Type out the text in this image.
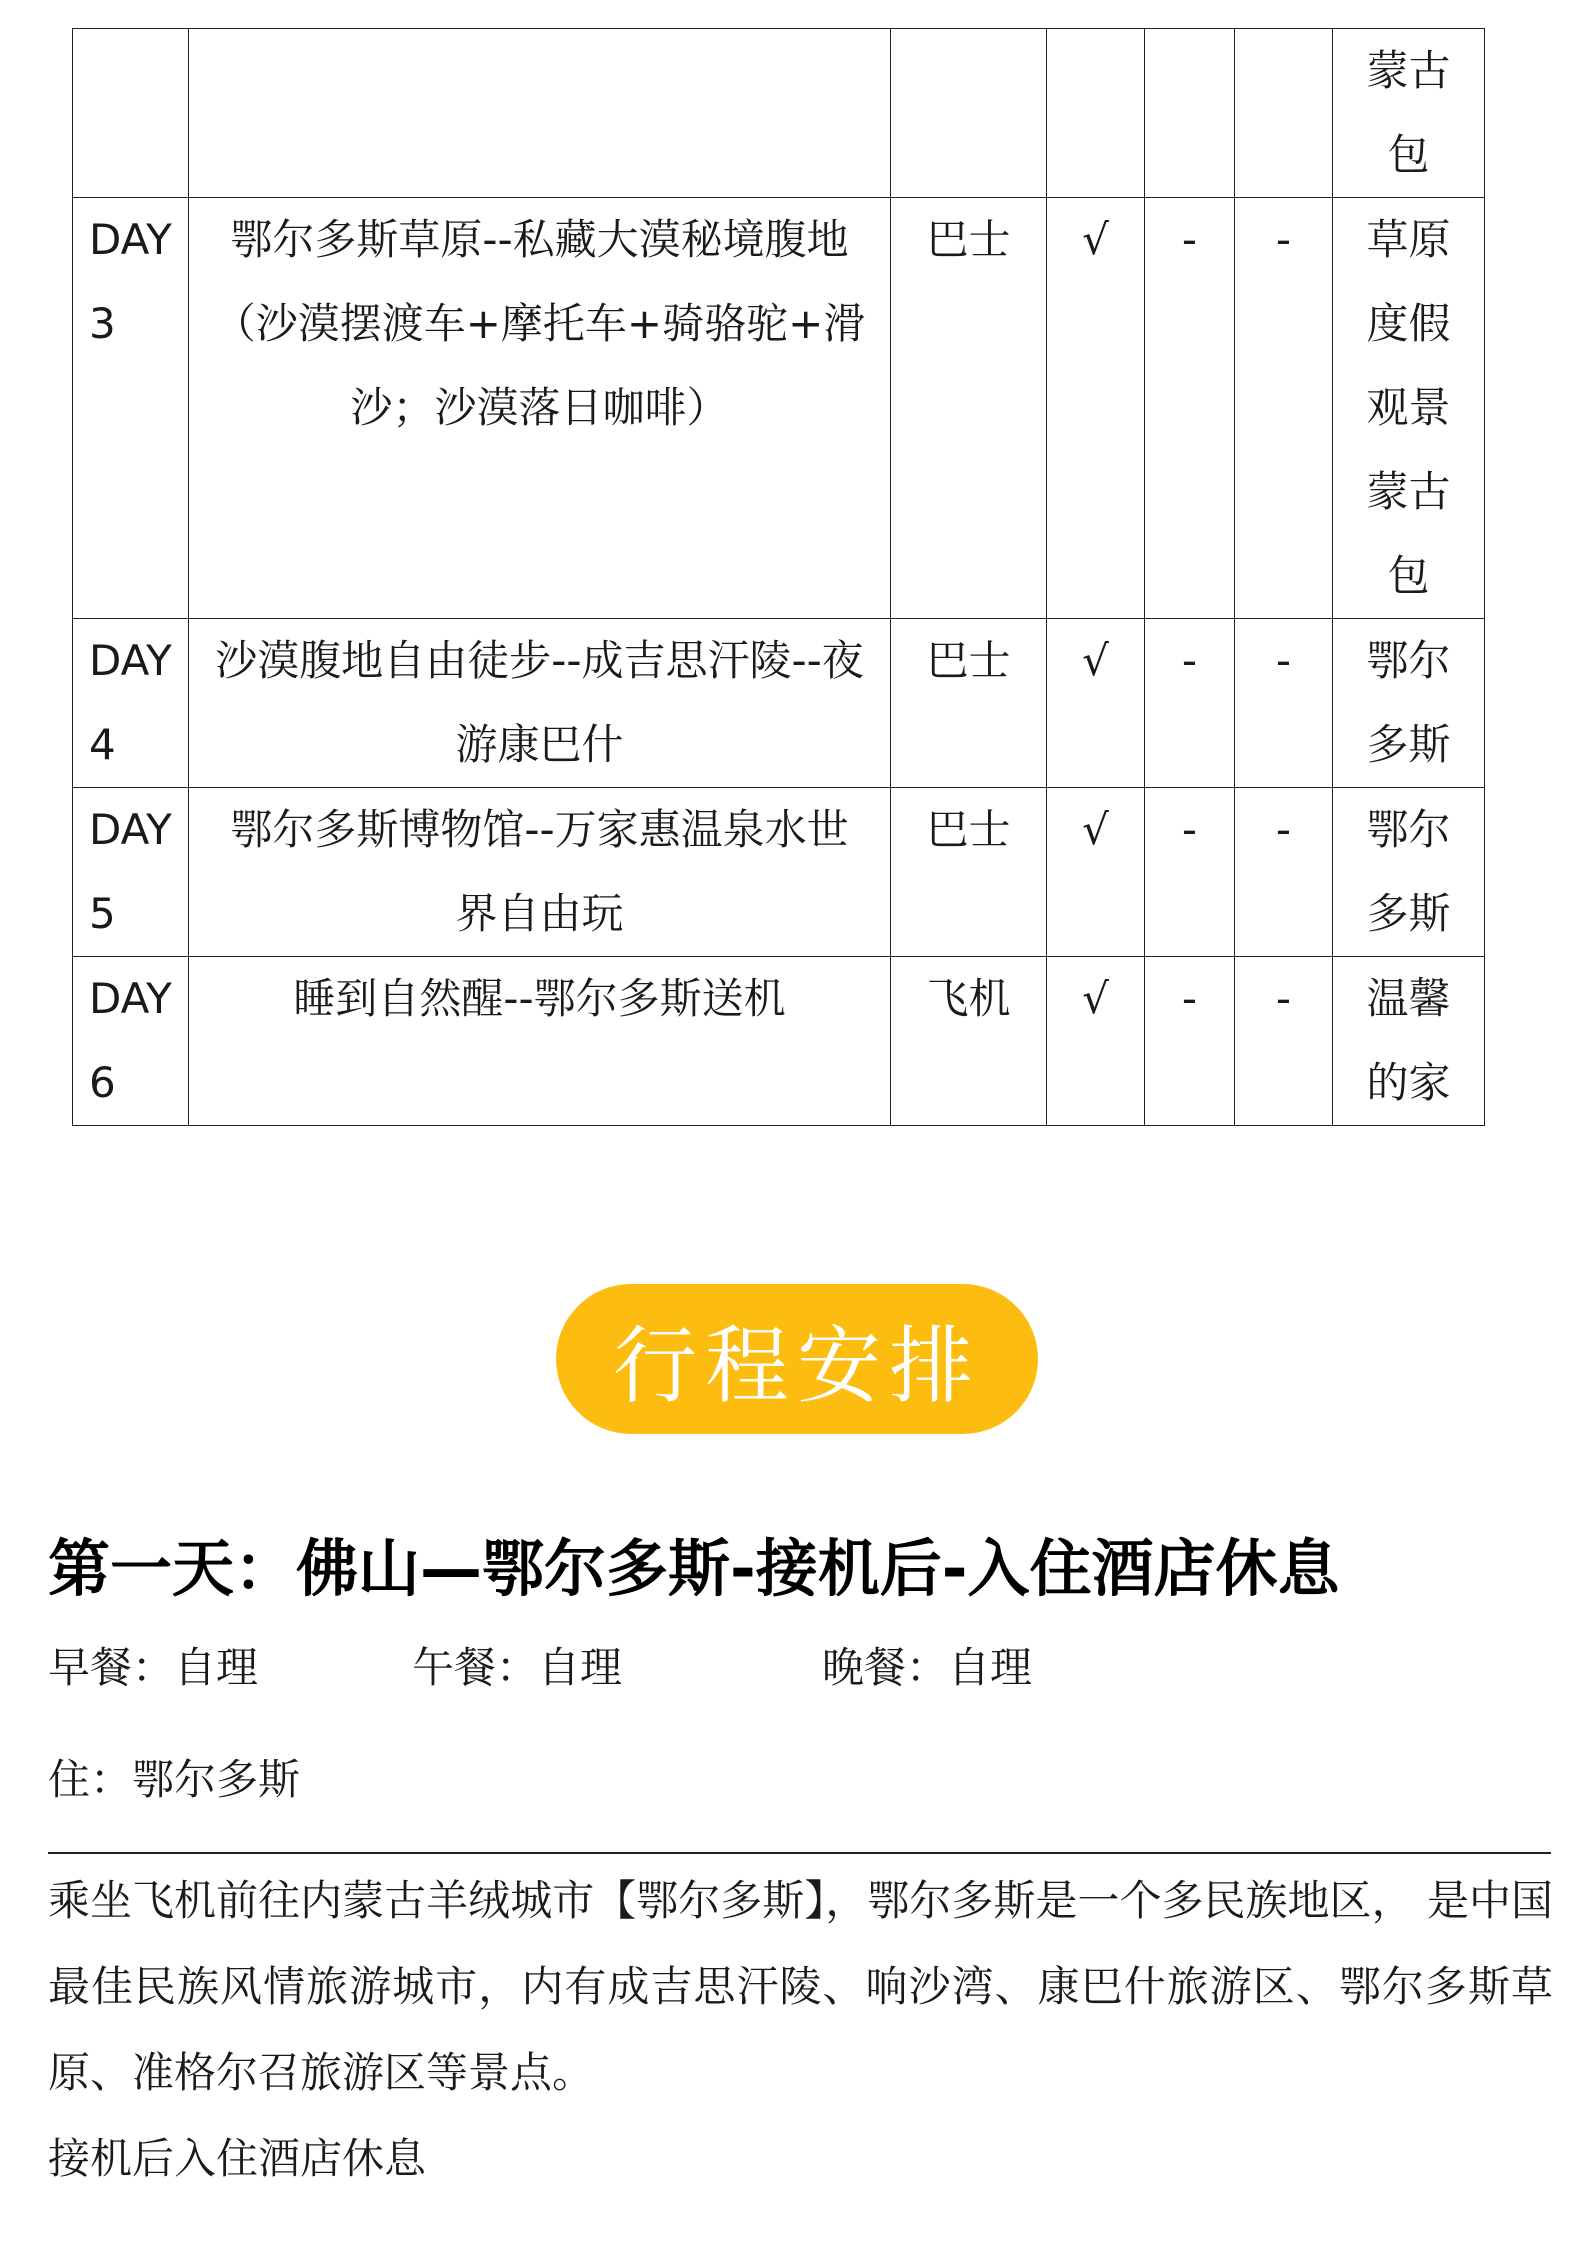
						蒙古包

DAY3	鄂尔多斯草原--私藏大漠秘境腹地（沙漠摆渡车+摩托车+骑骆驼+滑沙；沙漠落日咖啡）	巴士	√	-	-	草原度假观景蒙古包

DAY4	沙漠腹地自由徒步--成吉思汗陵--夜游康巴什	巴士	√	-	-	鄂尔多斯

DAY5	鄂尔多斯博物馆--万家惠温泉水世界自由玩	巴士	√	-	-	鄂尔多斯

DAY6	睡到自然醒--鄂尔多斯送机	飞机	√	-	-	温馨的家
行程安排
第一天：佛山—鄂尔多斯-接机后-入住酒店休息
早餐：自理	午餐：自理	晚餐：自理
住：鄂尔多斯

乘坐飞机前往内蒙古羊绒城市【鄂尔多斯】，鄂尔多斯是一个多民族地区， 是中国最佳民族风情旅游城市，内有成吉思汗陵、响沙湾、康巴什旅游区、鄂尔多斯草原、准格尔召旅游区等景点。

接机后入住酒店休息
